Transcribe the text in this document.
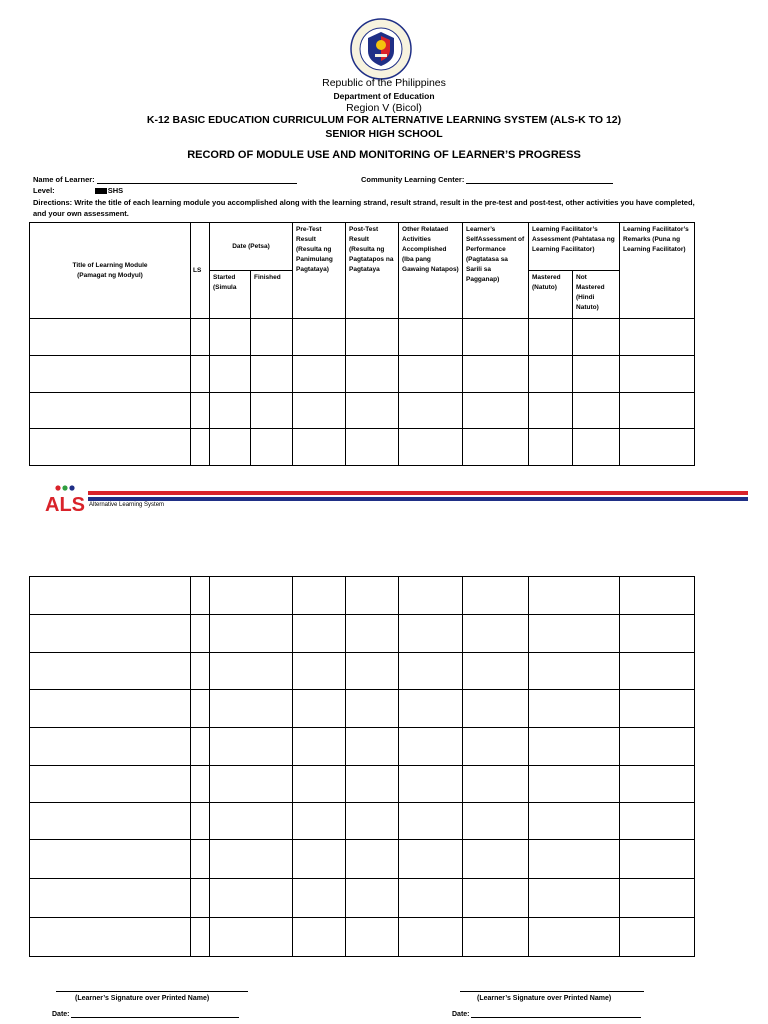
Republic of the Philippines
Department of Education
Region V (Bicol)
K-12 BASIC EDUCATION CURRICULUM FOR ALTERNATIVE LEARNING SYSTEM (ALS-K TO 12)
SENIOR HIGH SCHOOL
RECORD OF MODULE USE AND MONITORING OF LEARNER’S PROGRESS
Name of Learner:	Community Learning Center:
Level:	SHS
Directions: Write the title of each learning module you accomplished along with the learning strand, result strand, result in the pre-test and post-test, other activities you have completed, and your own assessment.
Title of Learning Module (Pamagat ng Modyul)	LS	Date (Petsa)		Pre-Test Result (Resulta ng Panimulang Pagtataya)	Post-Test Result (Resulta ng Pagtatapos na Pagtataya	Other Relataed Activities Accomplished (Iba pang Gawaing Natapos)	Learner’s SelfAssessment of Performance (Pagtatasa sa Sarili sa Pagganap)	Learning Facilitator’s Assessment (Pahtatasa ng Learning Facilitator)		Learning Facilitator’s Remarks (Puna ng Learning Facilitator)

		Started (Simula	Finished					Mastered (Natuto)	Not Mastered (Hindi Natuto)	

ALS Alternative Learning System

(Learner’s Signature over Printed Name)
Date:
(Learner’s Signature over Printed Name)
Date:
